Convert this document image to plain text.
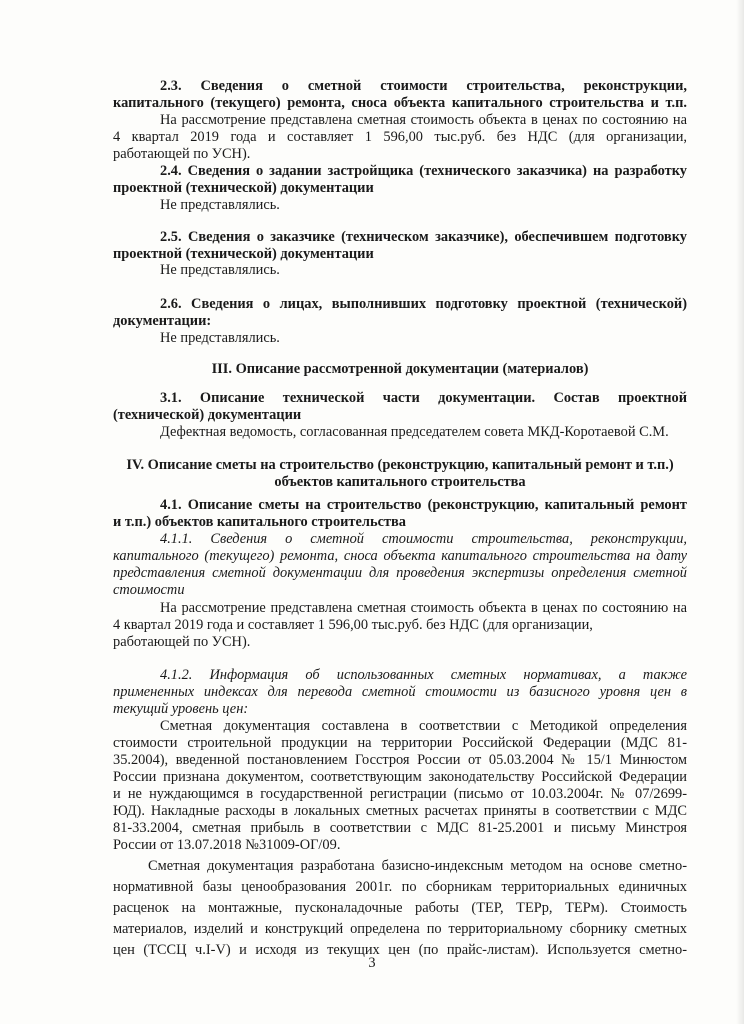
2.3. Сведения о сметной стоимости строительства, реконструкции,
капитального (текущего) ремонта, сноса объекта капитального строительства и т.п.
На рассмотрение представлена сметная стоимость объекта в ценах по состоянию на
4 квартал 2019 года и составляет 1 596,00 тыс.руб. без НДС (для организации,
работающей по УСН).
2.4. Сведения о задании застройщика (технического заказчика) на разработку
проектной (технической) документации
Не представлялись.
2.5. Сведения о заказчике (техническом заказчике), обеспечившем подготовку
проектной (технической) документации
Не представлялись.
2.6. Сведения о лицах, выполнивших подготовку проектной (технической)
документации:
Не представлялись.
III. Описание рассмотренной документации (материалов)
3.1. Описание технической части документации. Состав проектной
(технической) документации
Дефектная ведомость, согласованная председателем совета МКД-Коротаевой С.М.
IV. Описание сметы на строительство (реконструкцию, капитальный ремонт и т.п.)
объектов капитального строительства
4.1. Описание сметы на строительство (реконструкцию, капитальный ремонт
и т.п.) объектов капитального строительства
4.1.1. Сведения о сметной стоимости строительства, реконструкции,
капитального (текущего) ремонта, сноса объекта капитального строительства на дату
представления сметной документации для проведения экспертизы определения сметной
стоимости
На рассмотрение представлена сметная стоимость объекта в ценах по состоянию на
4 квартал 2019 года и составляет 1 596,00 тыс.руб. без НДС (для организации,
работающей по УСН).
4.1.2. Информация об использованных сметных нормативах, а также
примененных индексах для перевода сметной стоимости из базисного уровня цен в
текущий уровень цен:
Сметная документация составлена в соответствии с Методикой определения
стоимости строительной продукции на территории Российской Федерации (МДС 81-
35.2004), введенной постановлением Госстроя России от 05.03.2004 № 15/1 Минюстом
России признана документом, соответствующим законодательству Российской Федерации
и не нуждающимся в государственной регистрации (письмо от 10.03.2004г. № 07/2699-
ЮД). Накладные расходы в локальных сметных расчетах приняты в соответствии с МДС
81-33.2004, сметная прибыль в соответствии с МДС 81-25.2001 и письму Минстроя
России от 13.07.2018 №31009-ОГ/09.
Сметная документация разработана базисно-индексным методом на основе сметно-
нормативной базы ценообразования 2001г. по сборникам территориальных единичных
расценок на монтажные, пусконаладочные работы (ТЕР, ТЕРр, ТЕРм). Стоимость
материалов, изделий и конструкций определена по территориальному сборнику сметных
цен (ТССЦ ч.I-V) и исходя из текущих цен (по прайс-листам). Используется сметно-
3
